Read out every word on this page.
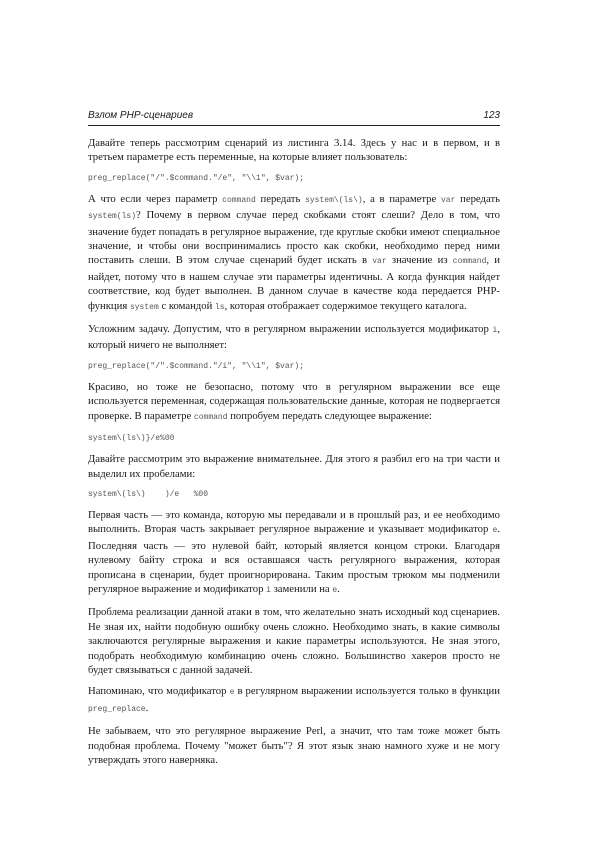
Взлом PHP-сценариев	123

Давайте теперь рассмотрим сценарий из листинга 3.14. Здесь у нас и в первом, и в третьем параметре есть переменные, на которые влияет пользователь:

preg_replace("/".$command."/e", "\\1", $var);

А что если через параметр command передать system\(ls\), а в параметре var передать system(ls)? Почему в первом случае перед скобками стоят слеши? Дело в том, что значение будет попадать в регулярное выражение, где круглые скобки имеют специальное значение, и чтобы они воспринимались просто как скобки, необходимо перед ними поставить слеши. В этом случае сценарий будет искать в var значение из command, и найдет, потому что в нашем случае эти параметры идентичны. А когда функция найдет соответствие, код будет выполнен. В данном случае в качестве кода передается PHP-функция system с командой ls, которая отображает содержимое текущего каталога.

Усложним задачу. Допустим, что в регулярном выражении используется модификатор i, который ничего не выполняет:

preg_replace("/".$command."/i", "\\1", $var);

Красиво, но тоже не безопасно, потому что в регулярном выражении все еще используется переменная, содержащая пользовательские данные, которая не подвергается проверке. В параметре command попробуем передать следующее выражение:

system\(ls\)}/e%00

Давайте рассмотрим это выражение внимательнее. Для этого я разбил его на три части и выделил их пробелами:

system\(ls\)    )/e   %00

Первая часть — это команда, которую мы передавали и в прошлый раз, и ее необходимо выполнить. Вторая часть закрывает регулярное выражение и указывает модификатор e. Последняя часть — это нулевой байт, который является концом строки. Благодаря нулевому байту строка и вся оставшаяся часть регулярного выражения, которая прописана в сценарии, будет проигнорирована. Таким простым трюком мы подменили регулярное выражение и модификатор i заменили на e.

Проблема реализации данной атаки в том, что желательно знать исходный код сценариев. Не зная их, найти подобную ошибку очень сложно. Необходимо знать, в какие символы заключаются регулярные выражения и какие параметры используются. Не зная этого, подобрать необходимую комбинацию очень сложно. Большинство хакеров просто не будет связываться с данной задачей.

Напоминаю, что модификатор e в регулярном выражении используется только в функции preg_replace.

Не забываем, что это регулярное выражение Perl, а значит, что там тоже может быть подобная проблема. Почему "может быть"? Я этот язык знаю намного хуже и не могу утверждать этого наверняка.
